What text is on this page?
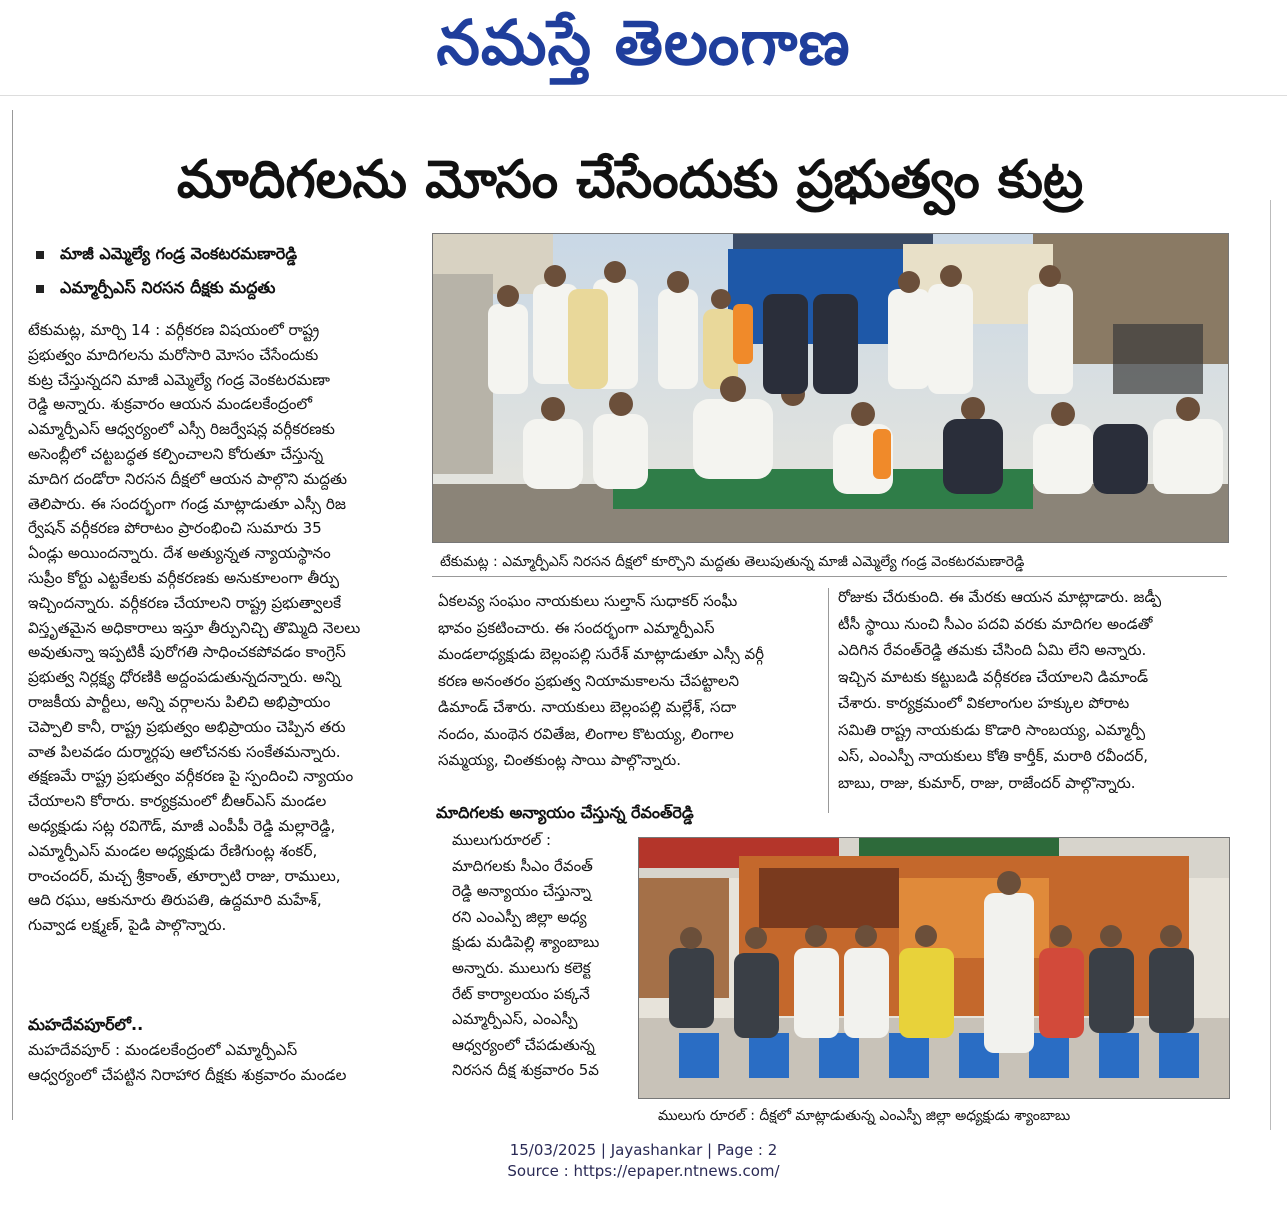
నమస్తే తెలంగాణ
మాదిగలను మోసం చేసేందుకు ప్రభుత్వం కుట్ర
మాజీ ఎమ్మెల్యే గండ్ర వెంకటరమణారెడ్డి
ఎమ్మార్పీఎస్ నిరసన దీక్షకు మద్దతు

టేకుమట్ల, మార్చి 14 : వర్గీకరణ విషయంలో రాష్ట్ర

ప్రభుత్వం మాదిగలను మరోసారి మోసం చేసేందుకు

కుట్ర చేస్తున్నదని మాజీ ఎమ్మెల్యే గండ్ర వెంకటరమణా

రెడ్డి అన్నారు. శుక్రవారం ఆయన మండలకేంద్రంలో

ఎమ్మార్పీఎస్ ఆధ్వర్యంలో ఎస్సీ రిజర్వేషన్ల వర్గీకరణకు

అసెంబ్లీలో చట్టబద్ధత కల్పించాలని కోరుతూ చేస్తున్న

మాదిగ దండోరా నిరసన దీక్షలో ఆయన పాల్గొని మద్దతు

తెలిపారు. ఈ సందర్భంగా గండ్ర మాట్లాడుతూ ఎస్సీ రిజ

ర్వేషన్ వర్గీకరణ పోరాటం ప్రారంభించి సుమారు 35

ఏండ్లు అయిందన్నారు. దేశ అత్యున్నత న్యాయస్థానం

సుప్రీం కోర్టు ఎట్టకేలకు వర్గీకరణకు అనుకూలంగా తీర్పు

ఇచ్చిందన్నారు. వర్గీకరణ చేయాలని రాష్ట్ర ప్రభుత్వాలకే

విస్తృతమైన అధికారాలు ఇస్తూ తీర్పునిచ్చి తొమ్మిది నెలలు

అవుతున్నా ఇప్పటికీ పురోగతి సాధించకపోవడం కాంగ్రెస్

ప్రభుత్వ నిర్లక్ష్య ధోరణికి అద్దంపడుతున్నదన్నారు. అన్ని

రాజకీయ పార్టీలు, అన్ని వర్గాలను పిలిచి అభిప్రాయం

చెప్పాలి కానీ, రాష్ట్ర ప్రభుత్వం అభిప్రాయం చెప్పిన తరు

వాత పిలవడం దుర్మార్గపు ఆలోచనకు సంకేతమన్నారు.

తక్షణమే రాష్ట్ర ప్రభుత్వం వర్గీకరణ పై స్పందించి న్యాయం

చేయాలని కోరారు. కార్యక్రమంలో బీఆర్ఎస్ మండల

అధ్యక్షుడు సట్ల రవిగౌడ్, మాజీ ఎంపీపీ రెడ్డి మల్లారెడ్డి,

ఎమ్మార్పీఎస్ మండల అధ్యక్షుడు రేణిగుంట్ల శంకర్,

రాంచందర్, మచ్చ శ్రీకాంత్, తూర్పాటి రాజు, రాములు,

ఆది రఘు, ఆకునూరు తిరుపతి, ఉద్దమారి మహేశ్,

గువ్వాడ లక్ష్మణ్, పైడి పాల్గొన్నారు.

మహదేవపూర్‌లో..

మహదేవపూర్ : మండలకేంద్రంలో ఎమ్మార్పీఎస్

ఆధ్వర్యంలో చేపట్టిన నిరాహార దీక్షకు శుక్రవారం మండల

టేకుమట్ల : ఎమ్మార్పీఎస్ నిరసన దీక్షలో కూర్చొని మద్దతు తెలుపుతున్న మాజీ ఎమ్మెల్యే గండ్ర వెంకటరమణారెడ్డి

ఏకలవ్య సంఘం నాయకులు సుల్తాన్ సుధాకర్ సంఘీ

భావం ప్రకటించారు. ఈ సందర్భంగా ఎమ్మార్పీఎస్

మండలాధ్యక్షుడు బెల్లంపల్లి సురేశ్ మాట్లాడుతూ ఎస్సీ వర్గీ

కరణ అనంతరం ప్రభుత్వ నియామకాలను చేపట్టాలని

డిమాండ్ చేశారు. నాయకులు బెల్లంపల్లి మల్లేశ్, సదా

నందం, మంథెన రవితేజ, లింగాల కొటయ్య, లింగాల

సమ్మయ్య, చింతకుంట్ల సాయి పాల్గొన్నారు.

రోజుకు చేరుకుంది. ఈ మేరకు ఆయన మాట్లాడారు. జడ్పీ

టీసీ స్థాయి నుంచి సీఎం పదవి వరకు మాదిగల అండతో

ఎదిగిన రేవంత్‌రెడ్డి తమకు చేసింది ఏమి లేని అన్నారు.

ఇచ్చిన మాటకు కట్టుబడి వర్గీకరణ చేయాలని డిమాండ్

చేశారు. కార్యక్రమంలో వికలాంగుల హక్కుల పోరాట

సమితి రాష్ట్ర నాయకుడు కొడారి సాంబయ్య, ఎమ్మార్పీ

ఎస్, ఎంఎస్పీ నాయకులు కోతి కార్తీక్, మరాఠి రవీందర్,

బాబు, రాజు, కుమార్, రాజు, రాజేందర్ పాల్గొన్నారు.

మాదిగలకు అన్యాయం చేస్తున్న రేవంత్‌రెడ్డి

ములుగురూరల్ :

మాదిగలకు సీఎం రేవంత్

రెడ్డి అన్యాయం చేస్తున్నా

రని ఎంఎస్పీ జిల్లా అధ్య

క్షుడు మడిపెల్లి శ్యాంబాబు

అన్నారు. ములుగు కలెక్ట

రేట్ కార్యాలయం పక్కనే

ఎమ్మార్పీఎస్, ఎంఎస్పీ

ఆధ్వర్యంలో చేపడుతున్న

నిరసన దీక్ష శుక్రవారం 5వ

ములుగు రూరల్ : దీక్షలో మాట్లాడుతున్న ఎంఎస్పీ జిల్లా అధ్యక్షుడు శ్యాంబాబు
15/03/2025 | Jayashankar | Page : 2
Source : https://epaper.ntnews.com/
